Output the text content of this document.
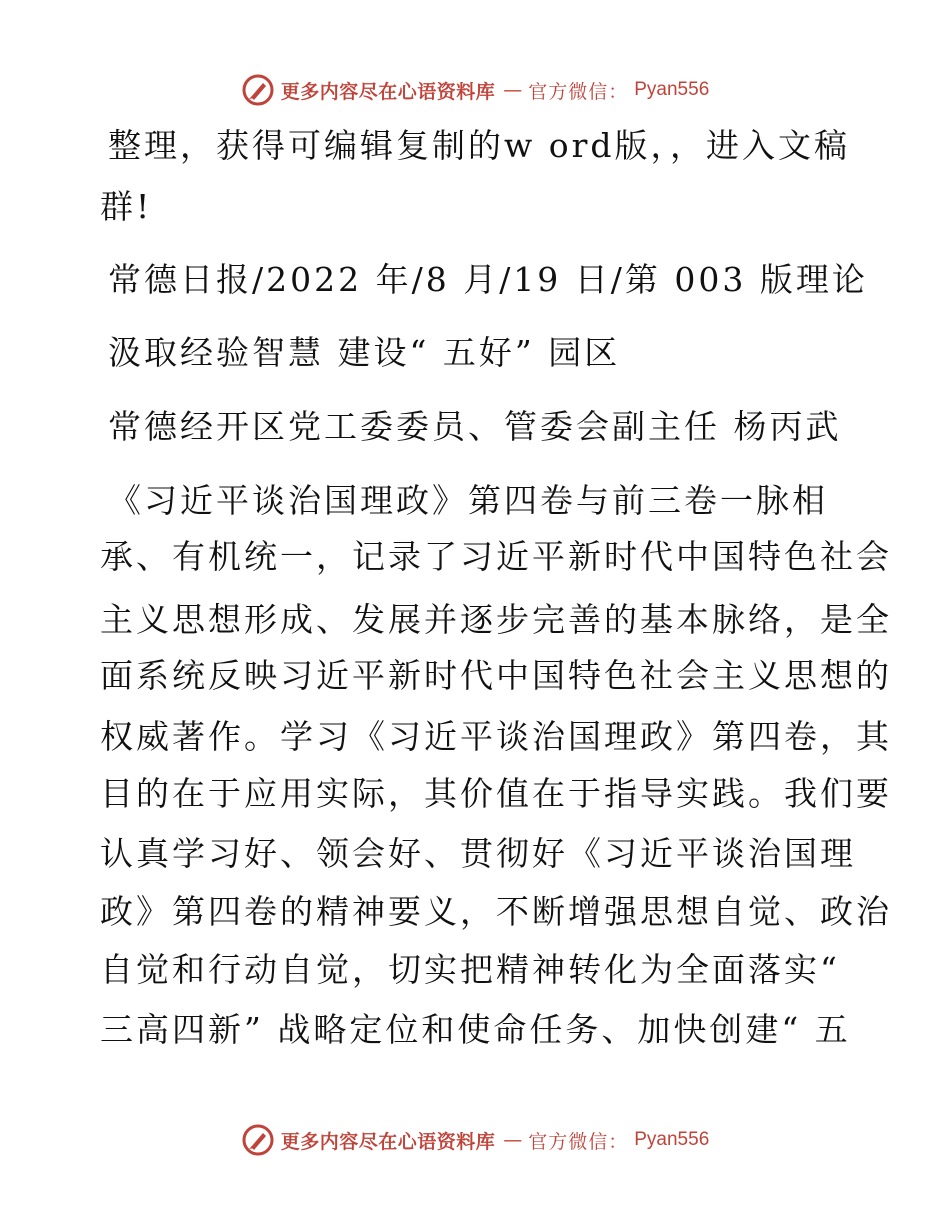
更多内容尽在心语资料库 — 官方微信： Pyan556
整理，获得可编辑复制的w ord版，，进入文稿
群!
常德日报/2022 年/8 月/19 日/第 003 版理论
汲取经验智慧 建设“ 五好” 园区
常德经开区党工委委员、管委会副主任 杨丙武
《习近平谈治国理政》第四卷与前三卷一脉相
承、有机统一，记录了习近平新时代中国特色社会
主义思想形成、发展并逐步完善的基本脉络，是全
面系统反映习近平新时代中国特色社会主义思想的
权威著作。学习《习近平谈治国理政》第四卷，其
目的在于应用实际，其价值在于指导实践。我们要
认真学习好、领会好、贯彻好《习近平谈治国理
政》第四卷的精神要义，不断增强思想自觉、政治
自觉和行动自觉，切实把精神转化为全面落实“
三高四新” 战略定位和使命任务、加快创建“ 五
更多内容尽在心语资料库 — 官方微信： Pyan556
